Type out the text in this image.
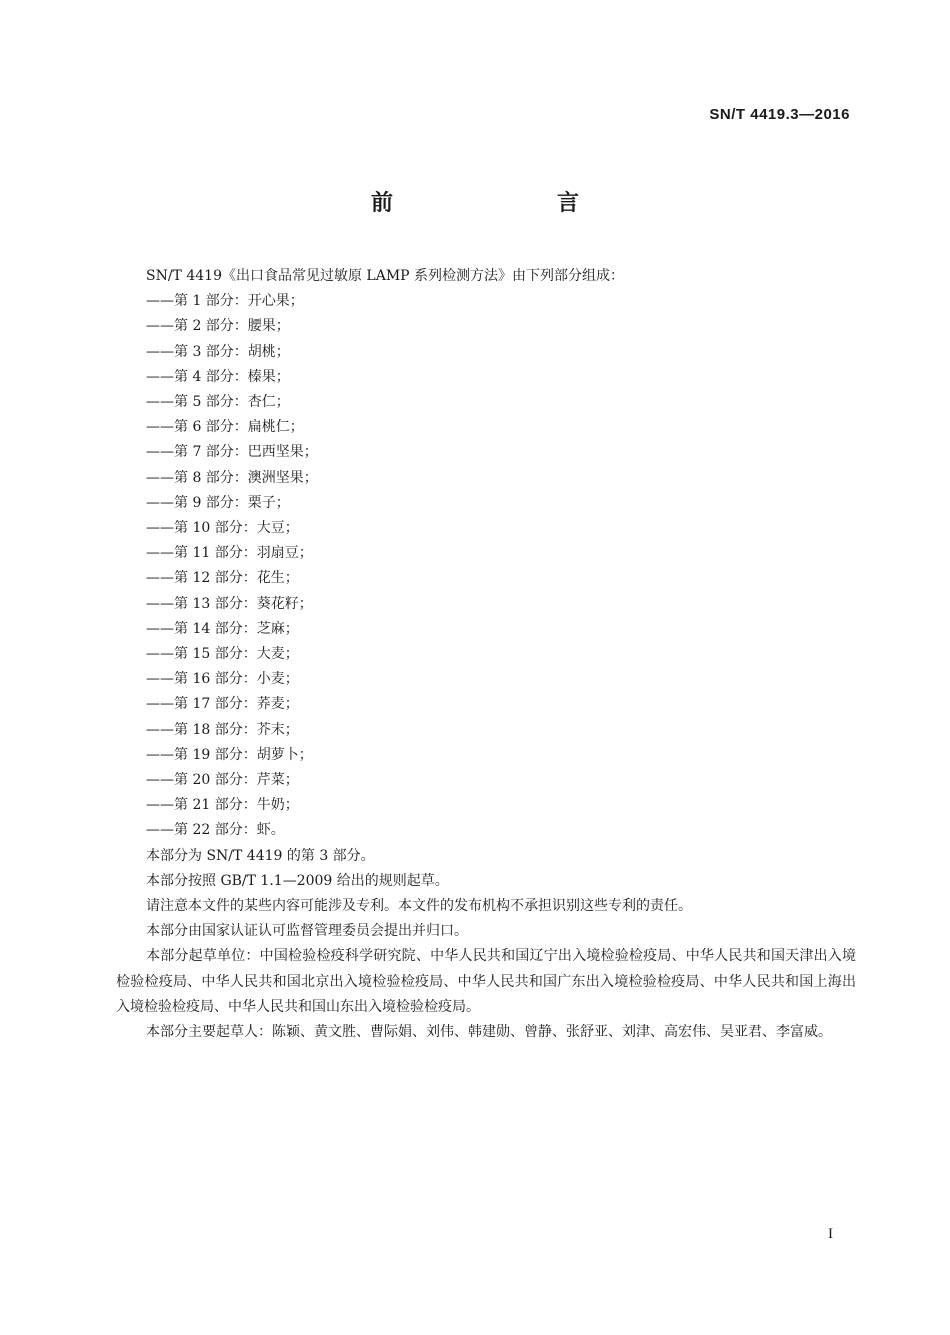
SN/T 4419.3—2016
前　　言

SN/T 4419《出口食品常见过敏原 LAMP 系列检测方法》由下列部分组成：

——第 1 部分：开心果；

——第 2 部分：腰果；

——第 3 部分：胡桃；

——第 4 部分：榛果；

——第 5 部分：杏仁；

——第 6 部分：扁桃仁；

——第 7 部分：巴西坚果；

——第 8 部分：澳洲坚果；

——第 9 部分：栗子；

——第 10 部分：大豆；

——第 11 部分：羽扇豆；

——第 12 部分：花生；

——第 13 部分：葵花籽；

——第 14 部分：芝麻；

——第 15 部分：大麦；

——第 16 部分：小麦；

——第 17 部分：荞麦；

——第 18 部分：芥末；

——第 19 部分：胡萝卜；

——第 20 部分：芹菜；

——第 21 部分：牛奶；

——第 22 部分：虾。

本部分为 SN/T 4419 的第 3 部分。

本部分按照 GB/T 1.1—2009 给出的规则起草。

请注意本文件的某些内容可能涉及专利。本文件的发布机构不承担识别这些专利的责任。

本部分由国家认证认可监督管理委员会提出并归口。

本部分起草单位：中国检验检疫科学研究院、中华人民共和国辽宁出入境检验检疫局、中华人民共和国天津出入境检验检疫局、中华人民共和国北京出入境检验检疫局、中华人民共和国广东出入境检验检疫局、中华人民共和国上海出入境检验检疫局、中华人民共和国山东出入境检验检疫局。

本部分主要起草人：陈颖、黄文胜、曹际娟、刘伟、韩建勋、曾静、张舒亚、刘津、高宏伟、吴亚君、李富威。

I
